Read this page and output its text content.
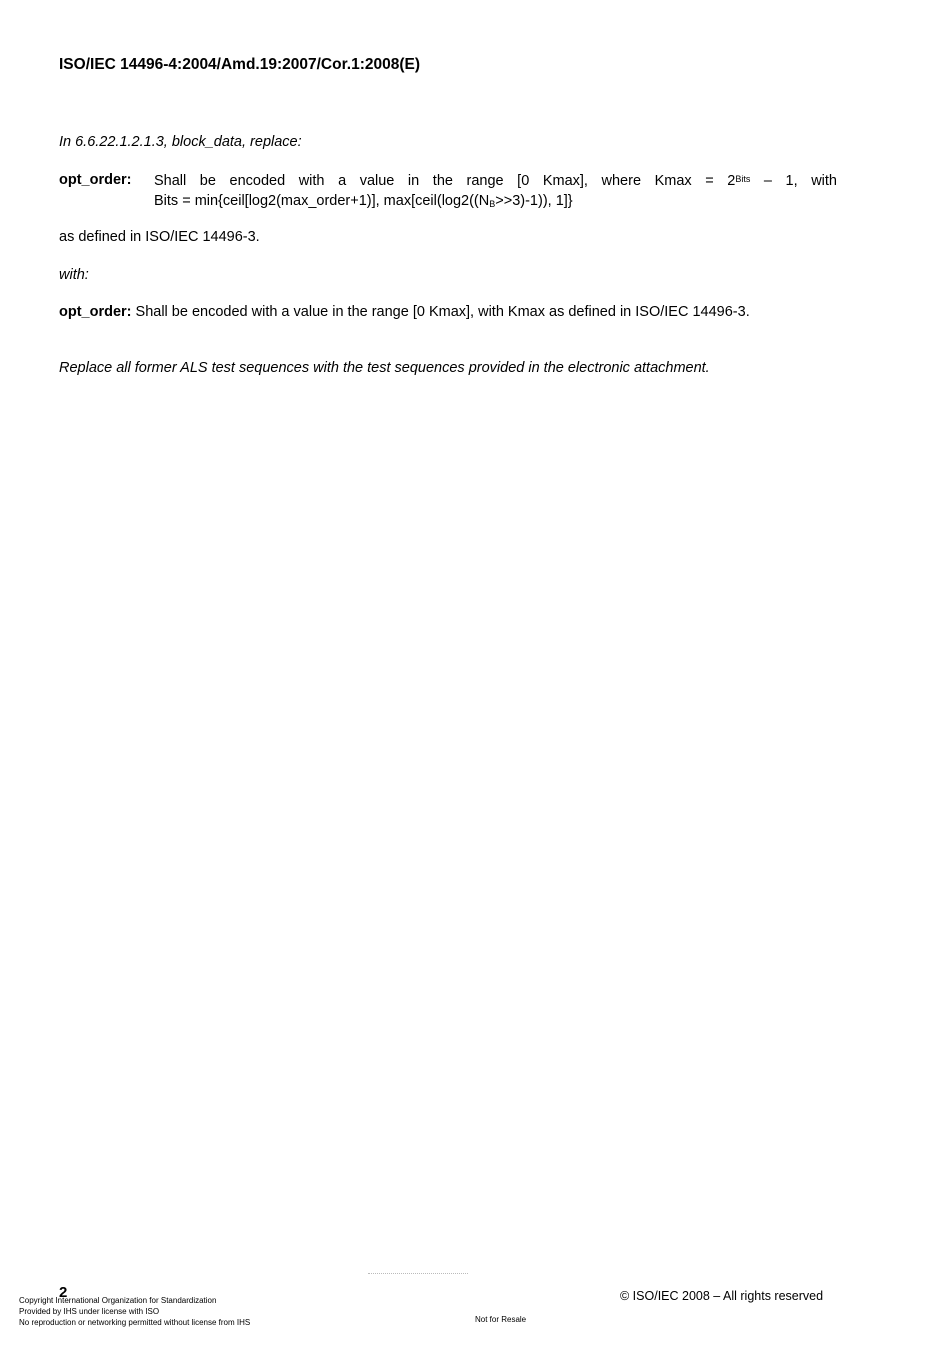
ISO/IEC 14496-4:2004/Amd.19:2007/Cor.1:2008(E)
In 6.6.22.1.2.1.3, block_data, replace:
opt_order: Shall be encoded with a value in the range [0 Kmax], where $Kmax = 2^{Bits} - 1$, with
Bits = min{ceil[log2(max_order+1)], $\max[ceil(\log 2((N_B>>3)-1))$, 1]}
as defined in ISO/IEC 14496-3.
with:
opt_order: Shall be encoded with a value in the range [0 Kmax], with Kmax as defined in ISO/IEC 14496-3.
Replace all former ALS test sequences with the test sequences provided in the electronic attachment.
2
Copyright International Organization for Standardization
Provided by IHS under license with ISO
No reproduction or networking permitted without license from IHS	Not for Resale
© ISO/IEC 2008 – All rights reserved
